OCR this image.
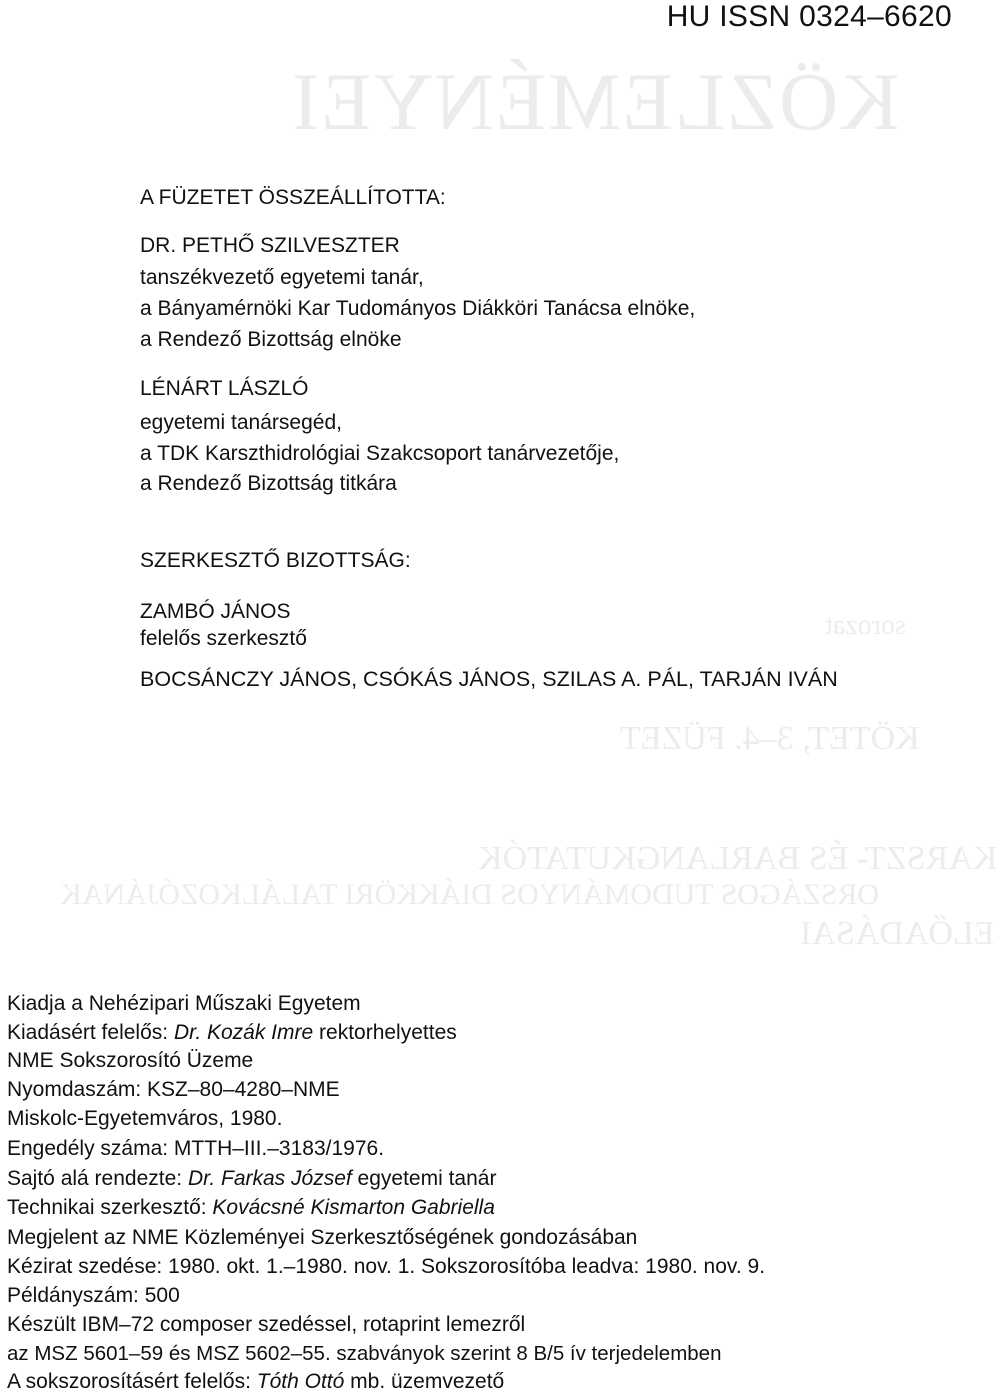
KÖZLEMÉNYEI
sorozat
KÖTET, 3–4. FÜZET
KARSZT- ÉS BARLANGKUTATÓK
ORSZÁGOS TUDOMÁNYOS DIÁKKÖRI TALÁLKOZÓJÁNAK
ELŐADÁSAI
HU ISSN 0324–6620
A FÜZETET ÖSSZEÁLLÍTOTTA:
DR. PETHŐ SZILVESZTER
tanszékvezető egyetemi tanár,
a Bányamérnöki Kar Tudományos Diákköri Tanácsa elnöke,
a Rendező Bizottság elnöke
LÉNÁRT LÁSZLÓ
egyetemi tanársegéd,
a TDK Karszthidrológiai Szakcsoport tanárvezetője,
a Rendező Bizottság titkára
SZERKESZTŐ BIZOTTSÁG:
ZAMBÓ JÁNOS
felelős szerkesztő
BOCSÁNCZY JÁNOS, CSÓKÁS JÁNOS, SZILAS A. PÁL, TARJÁN IVÁN
Kiadja a Nehézipari Műszaki Egyetem
Kiadásért felelős: Dr. Kozák Imre rektorhelyettes
NME Sokszorosító Üzeme
Nyomdaszám: KSZ–80–4280–NME
Miskolc-Egyetemváros, 1980.
Engedély száma: MTTH–III.–3183/1976.
Sajtó alá rendezte: Dr. Farkas József egyetemi tanár
Technikai szerkesztő: Kovácsné Kismarton Gabriella
Megjelent az NME Közleményei Szerkesztőségének gondozásában
Kézirat szedése: 1980. okt. 1.–1980. nov. 1. Sokszorosítóba leadva: 1980. nov. 9.
Példányszám: 500
Készült IBM–72 composer szedéssel, rotaprint lemezről
az MSZ 5601–59 és MSZ 5602–55. szabványok szerint 8 B/5 ív terjedelemben
A sokszorosításért felelős: Tóth Ottó mb. üzemvezető
